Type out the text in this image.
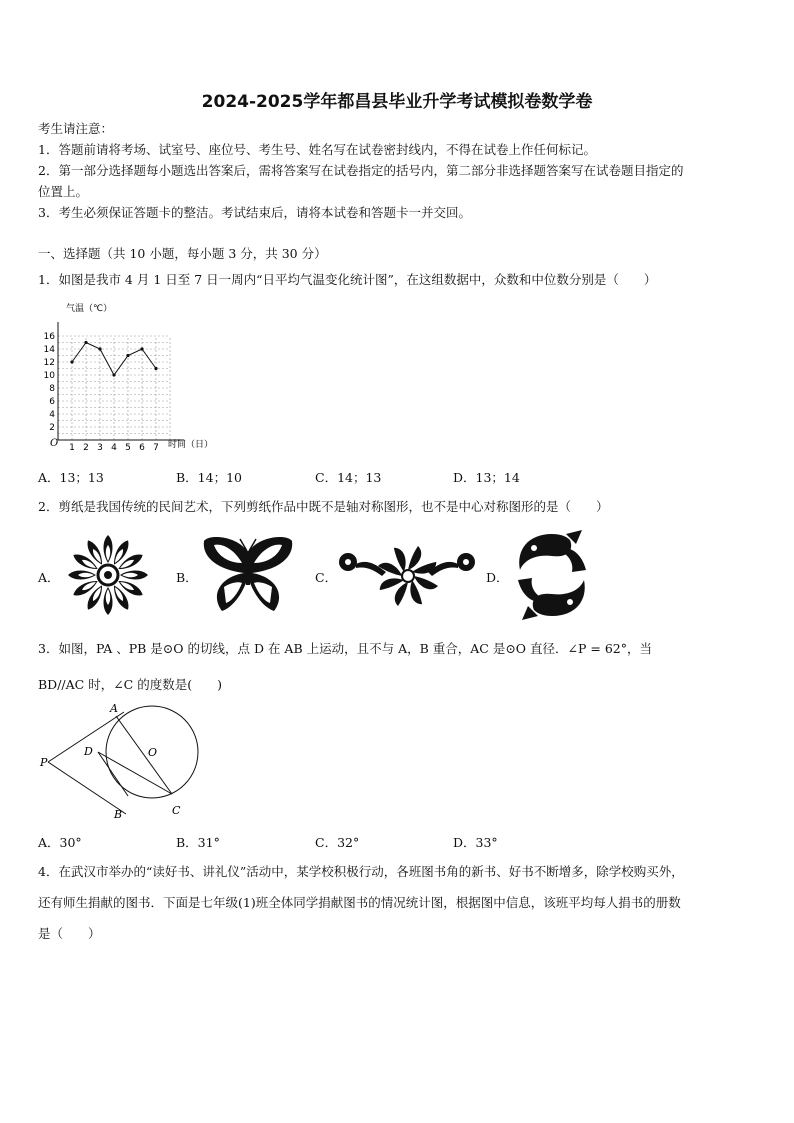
2024-2025学年都昌县毕业升学考试模拟卷数学卷
考生请注意：
1．答题前请将考场、试室号、座位号、考生号、姓名写在试卷密封线内，不得在试卷上作任何标记。
2．第一部分选择题每小题选出答案后，需将答案写在试卷指定的括号内，第二部分非选择题答案写在试卷题目指定的
位置上。
3．考生必须保证答题卡的整洁。考试结束后，请将本试卷和答题卡一并交回。
一、选择题（共 10 小题，每小题 3 分，共 30 分）
1．如图是我市 4 月 1 日至 7 日一周内“日平均气温变化统计图”，在这组数据中，众数和中位数分别是（　　）
2
4
6
8
10
12
14
16
1 2 3 4 5 6 7
气温（℃）
时间（日）
O
A．13；13	B．14；10	C．14；13	D．13；14
2．剪纸是我国传统的民间艺术，下列剪纸作品中既不是轴对称图形，也不是中心对称图形的是（　　）
A．	B．	C．	D．
3．如图，PA 、PB 是⊙O 的切线，点 D 在 AB 上运动，且不与 A，B 重合，AC 是⊙O 直径．∠P = 62°，当
BD//AC 时，∠C 的度数是(　　)
A
B	C
D	O
P
A．30°	B．31°	C．32°	D．33°
4．在武汉市举办的“读好书、讲礼仪”活动中，某学校积极行动，各班图书角的新书、好书不断增多，除学校购买外，
还有师生捐献的图书．下面是七年级(1)班全体同学捐献图书的情况统计图，根据图中信息，该班平均每人捐书的册数
是（　　）
